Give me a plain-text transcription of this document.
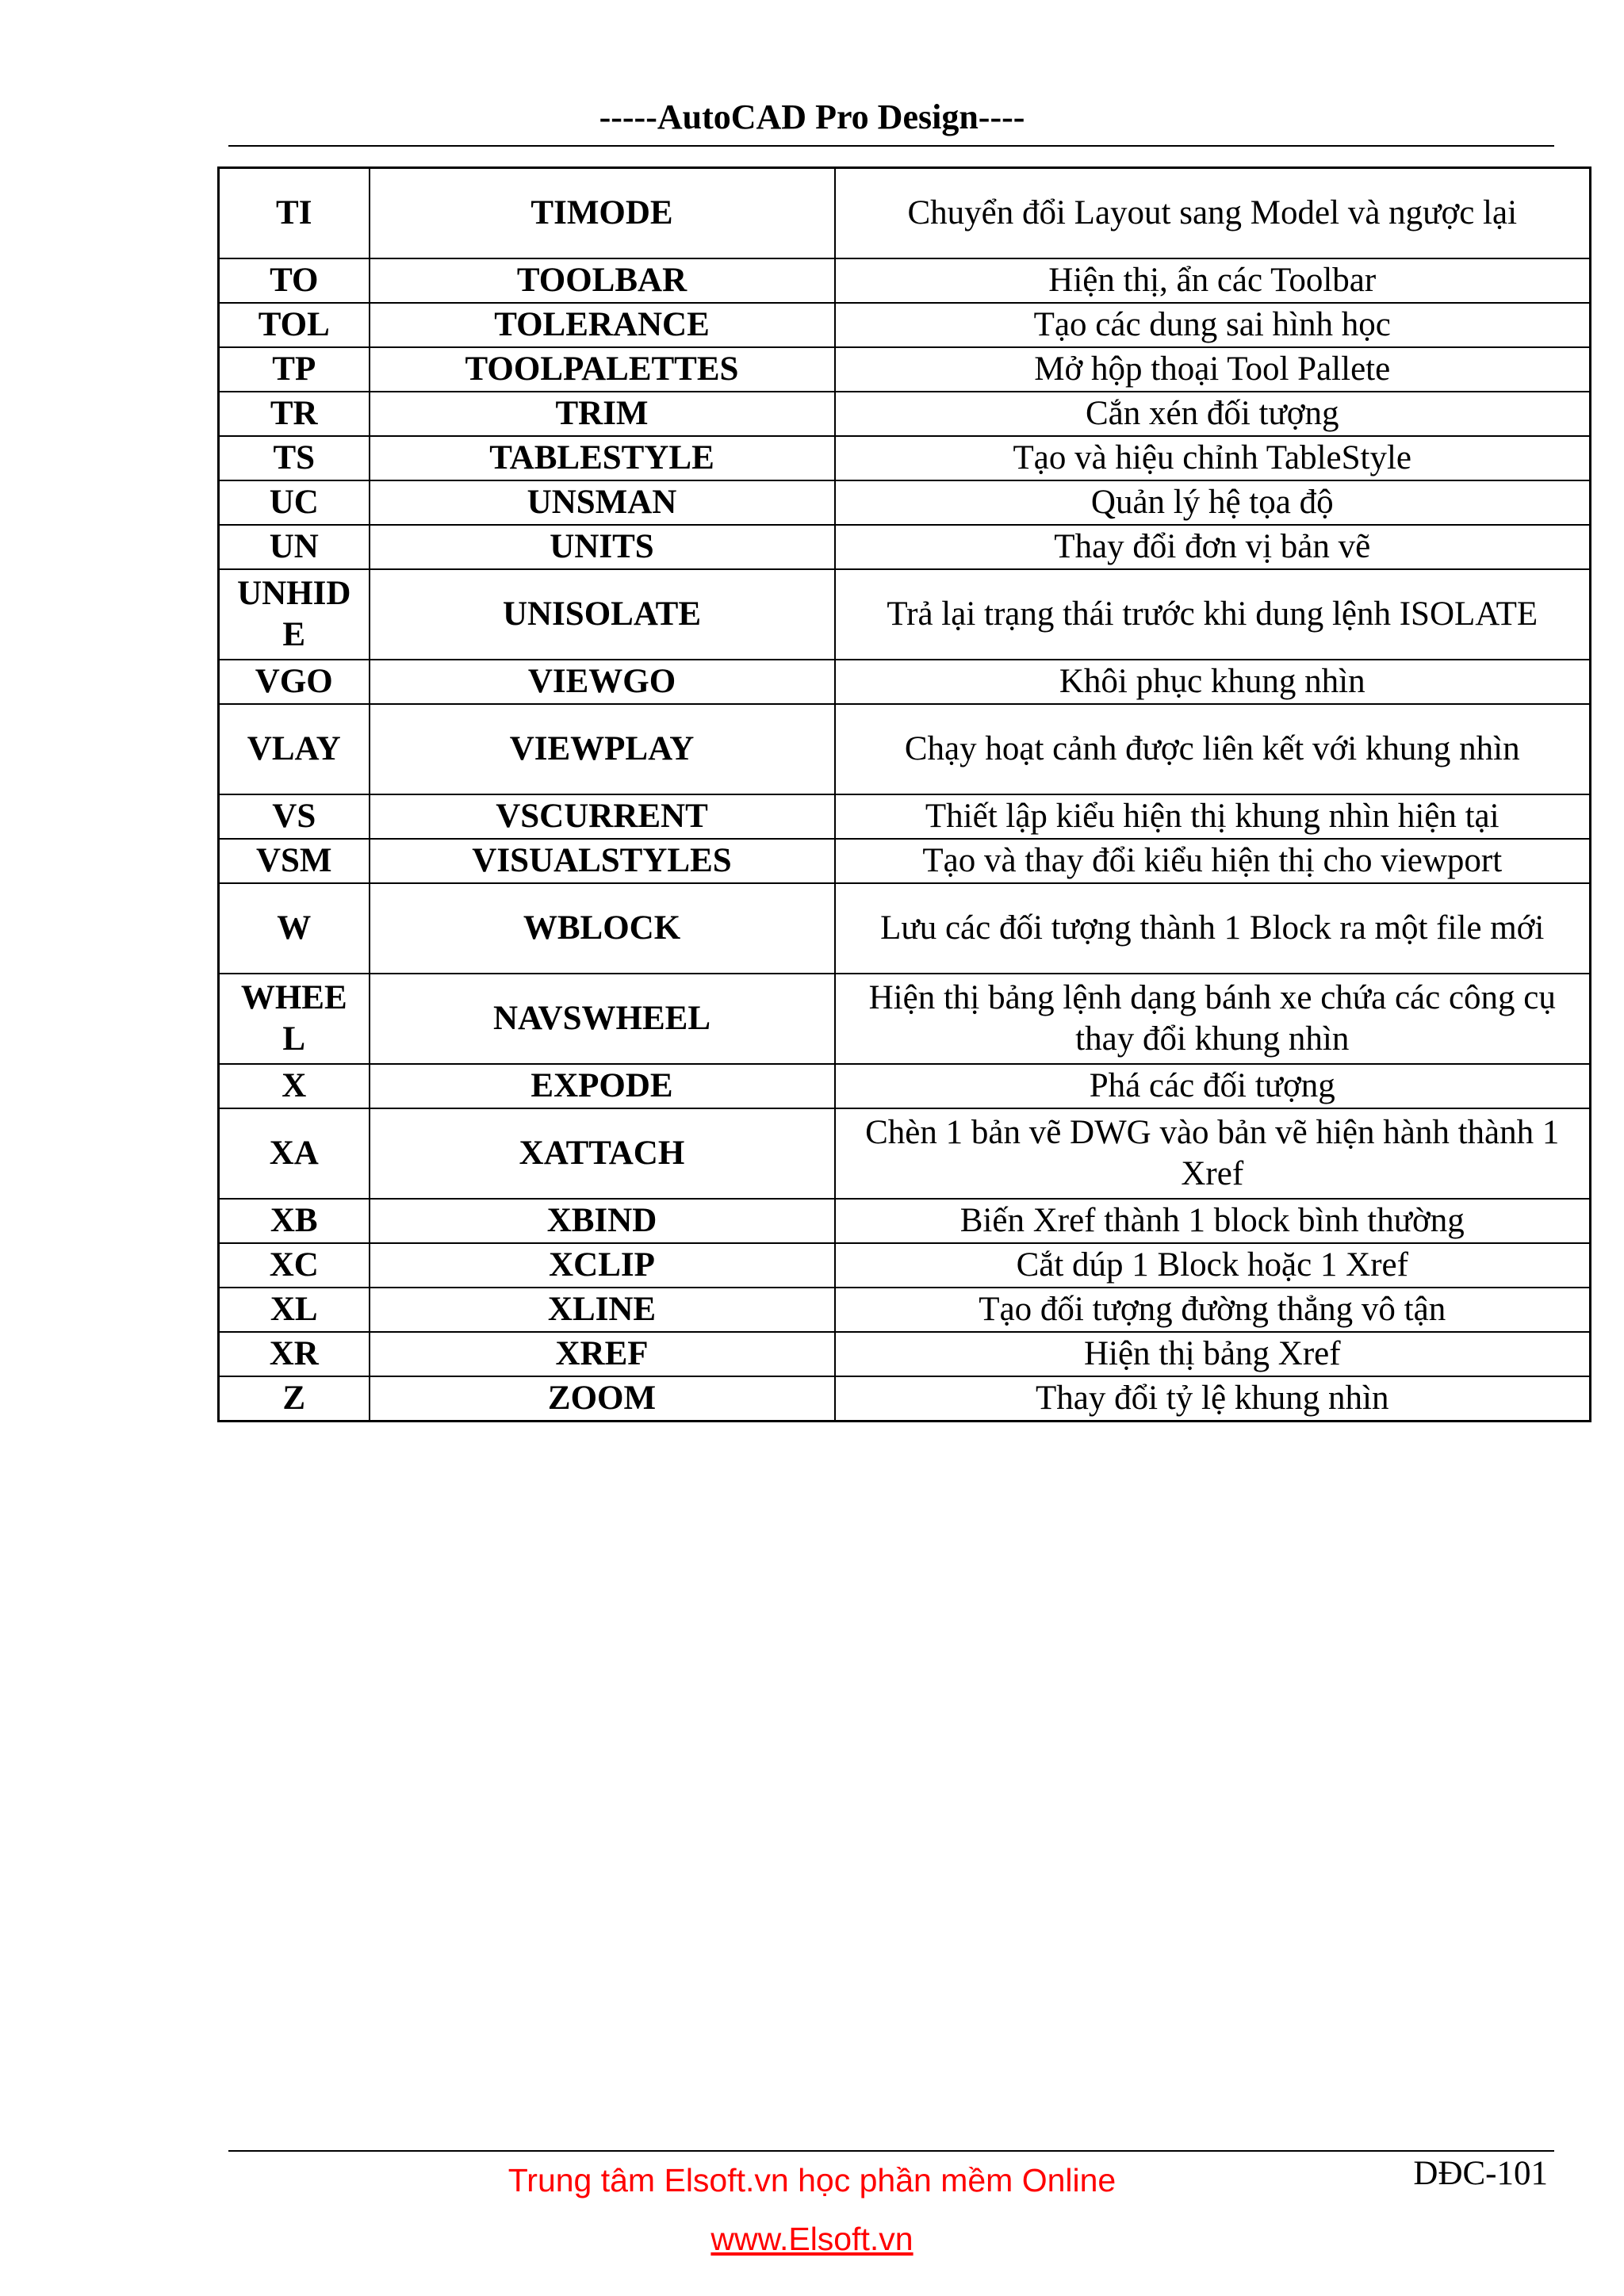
-----AutoCAD Pro Design----
TI	TIMODE	Chuyển đổi Layout sang Model và ngược lại
TO	TOOLBAR	Hiện thị, ẩn các Toolbar
TOL	TOLERANCE	Tạo các dung sai hình học
TP	TOOLPALETTES	Mở hộp thoại Tool Pallete
TR	TRIM	Cắn xén đối tượng
TS	TABLESTYLE	Tạo và hiệu chỉnh TableStyle
UC	UNSMAN	Quản lý hệ tọa độ
UN	UNITS	Thay đổi đơn vị bản vẽ
UNHID E	UNISOLATE	Trả lại trạng thái trước khi dung lệnh ISOLATE
VGO	VIEWGO	Khôi phục khung nhìn
VLAY	VIEWPLAY	Chạy hoạt cảnh được liên kết với khung nhìn
VS	VSCURRENT	Thiết lập kiểu hiện thị khung nhìn hiện tại
VSM	VISUALSTYLES	Tạo và thay đổi kiểu hiện thị cho viewport
W	WBLOCK	Lưu các đối tượng thành 1 Block ra một file mới
WHEE L	NAVSWHEEL	Hiện thị bảng lệnh dạng bánh xe chứa các công cụ thay đổi khung nhìn
X	EXPODE	Phá các đối tượng
XA	XATTACH	Chèn 1 bản vẽ DWG vào bản vẽ hiện hành thành 1 Xref
XB	XBIND	Biến Xref thành 1 block bình thường
XC	XCLIP	Cắt dúp 1 Block hoặc 1 Xref
XL	XLINE	Tạo đối tượng đường thẳng vô tận
XR	XREF	Hiện thị bảng Xref
Z	ZOOM	Thay đổi tỷ lệ khung nhìn
Trung tâm Elsoft.vn học phần mềm Online
www.Elsoft.vn
DĐC-101
